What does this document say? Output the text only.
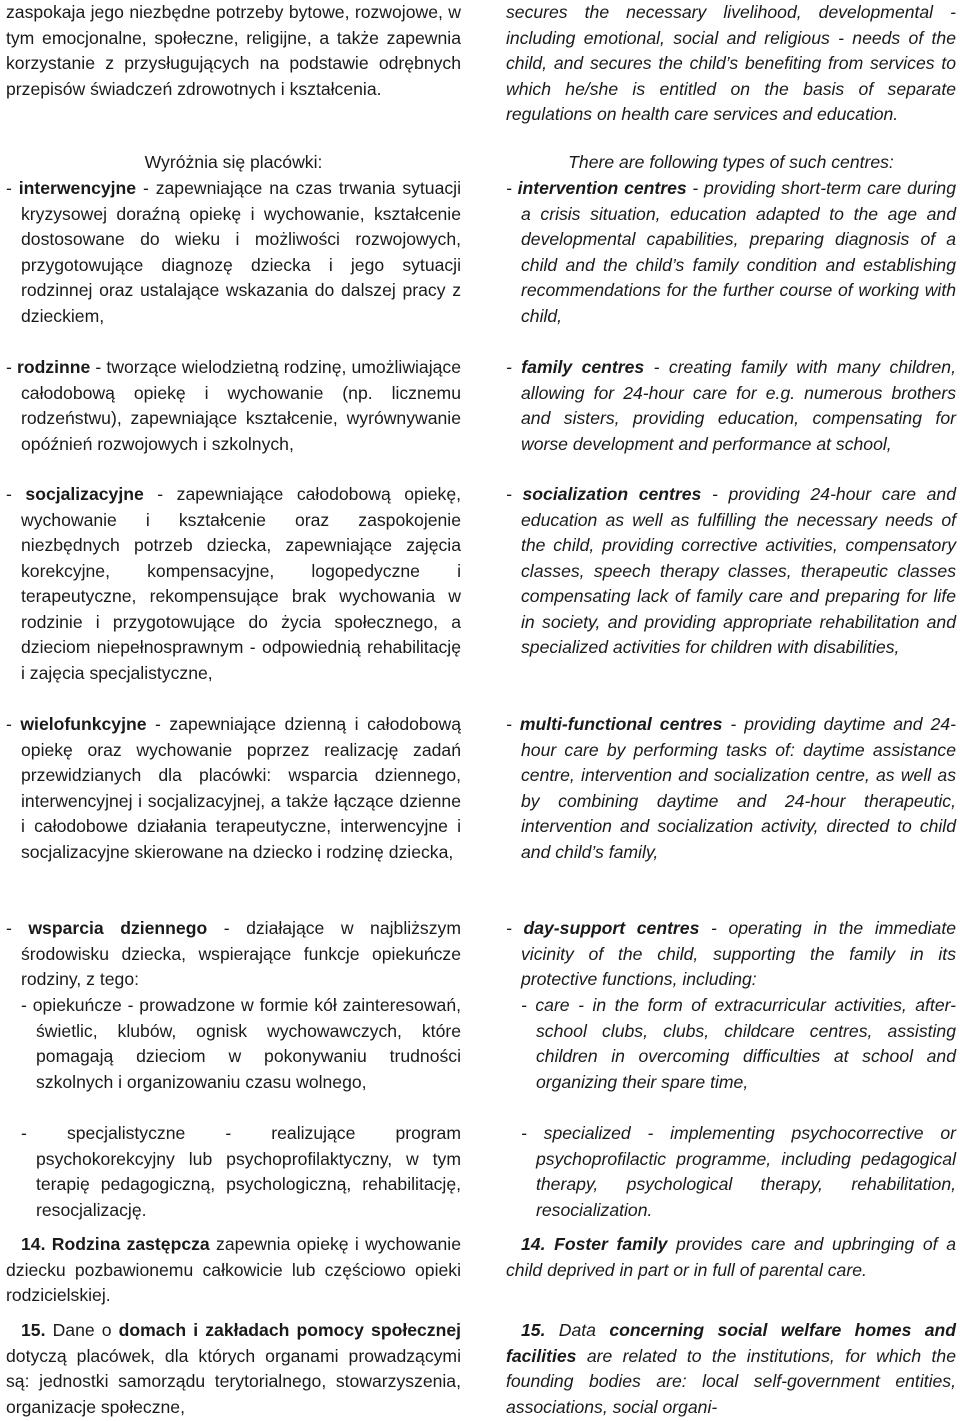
zaspokaja jego niezbędne potrzeby bytowe, rozwojowe, w tym emocjonalne, społeczne, religijne, a także zapewnia korzystanie z przysługujących na podstawie odrębnych przepisów świadczeń zdrowotnych i kształcenia.

Wyróżnia się placówki:

- interwencyjne - zapewniające na czas trwania sytuacji kryzysowej doraźną opiekę i wychowanie, kształcenie dostosowane do wieku i możliwości rozwojowych, przygotowujące diagnozę dziecka i jego sytuacji rodzinnej oraz ustalające wskazania do dalszej pracy z dzieckiem,

- rodzinne - tworzące wielodzietną rodzinę, umożliwiające całodobową opiekę i wychowanie (np. licznemu rodzeństwu), zapewniające kształcenie, wyrównywanie opóźnień rozwojowych i szkolnych,

- socjalizacyjne - zapewniające całodobową opiekę, wychowanie i kształcenie oraz zaspokojenie niezbędnych potrzeb dziecka, zapewniające zajęcia korekcyjne, kompensacyjne, logopedyczne i terapeutyczne, rekompensujące brak wychowania w rodzinie i przygotowujące do życia społecznego, a dzieciom niepełnosprawnym - odpowiednią rehabilitację i zajęcia specjalistyczne,

- wielofunkcyjne - zapewniające dzienną i całodobową opiekę oraz wychowanie poprzez realizację zadań przewidzianych dla placówki: wsparcia dziennego, interwencyjnej i socjalizacyjnej, a także łączące dzienne i całodobowe działania terapeutyczne, interwencyjne i socjalizacyjne skierowane na dziecko i rodzinę dziecka,

- wsparcia dziennego - działające w najbliższym środowisku dziecka, wspierające funkcje opiekuńcze rodziny, z tego:

- opiekuńcze - prowadzone w formie kół zainteresowań, świetlic, klubów, ognisk wychowawczych, które pomagają dzieciom w pokonywaniu trudności szkolnych i organizowaniu czasu wolnego,

- specjalistyczne - realizujące program psychokorekcyjny lub psychoprofilaktyczny, w tym terapię pedagogiczną, psychologiczną, rehabilitację, resocjalizację.

14. Rodzina zastępcza zapewnia opiekę i wychowanie dziecku pozbawionemu całkowicie lub częściowo opieki rodzicielskiej.

15. Dane o domach i zakładach pomocy społecznej dotyczą placówek, dla których organami prowadzącymi są: jednostki samorządu terytorialnego, stowarzyszenia, organizacje społeczne,

secures the necessary livelihood, developmental - including emotional, social and religious - needs of the child, and secures the child’s benefiting from services to which he/she is entitled on the basis of separate regulations on health care services and education.

There are following types of such centres:

- intervention centres - providing short-term care during a crisis situation, education adapted to the age and developmental capabilities, preparing diagnosis of a child and the child’s family condition and establishing recommendations for the further course of working with child,

- family centres - creating family with many children, allowing for 24-hour care for e.g. numerous brothers and sisters, providing education, compensating for worse development and performance at school,

- socialization centres - providing 24-hour care and education as well as fulfilling the necessary needs of the child, providing corrective activities, compensatory classes, speech therapy classes, therapeutic classes compensating lack of family care and preparing for life in society, and providing appropriate rehabilitation and specialized activities for children with disabilities,

- multi-functional centres - providing daytime and 24-hour care by performing tasks of: daytime assistance centre, intervention and socialization centre, as well as by combining daytime and 24-hour therapeutic, intervention and socialization activity, directed to child and child’s family,

- day-support centres - operating in the immediate vicinity of the child, supporting the family in its protective functions, including:

- care - in the form of extracurricular activities, after-school clubs, clubs, childcare centres, assisting children in overcoming difficulties at school and organizing their spare time,

- specialized - implementing psychocorrective or psychoprofilactic programme, including pedagogical therapy, psychological therapy, rehabilitation, resocialization.

14. Foster family provides care and upbringing of a child deprived in part or in full of parental care.

15. Data concerning social welfare homes and facilities are related to the institutions, for which the founding bodies are: local self-government entities, associations, social organi-
